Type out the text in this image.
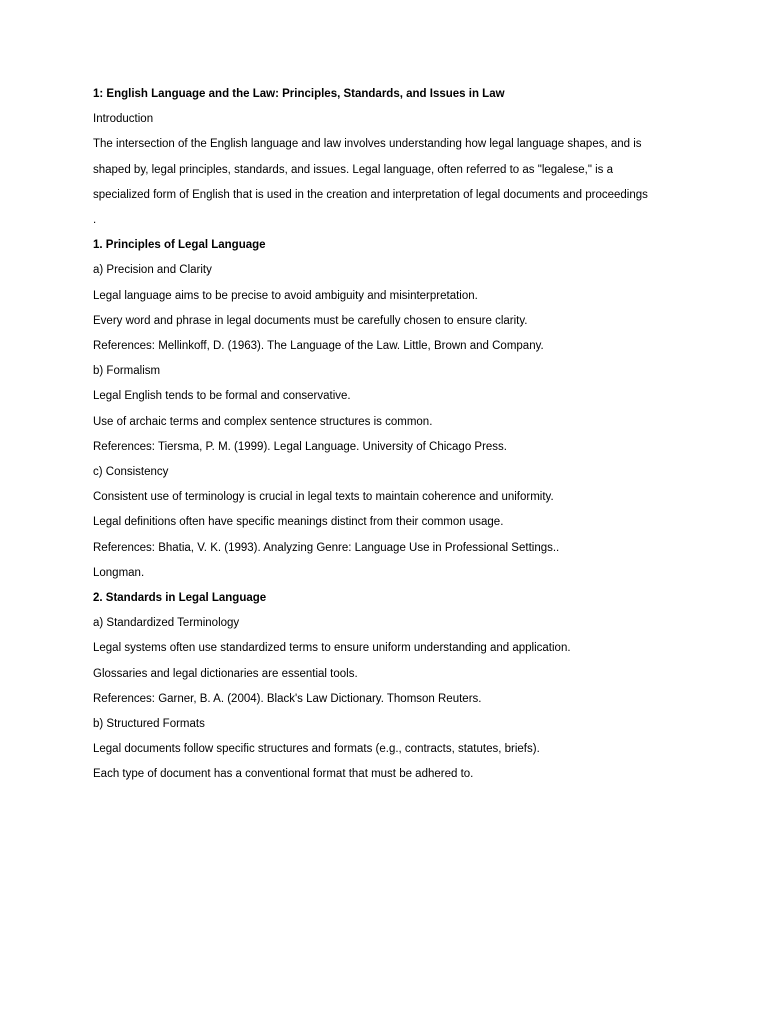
1: English Language and the Law: Principles, Standards, and Issues in Law

Introduction

The intersection of the English language and law involves understanding how legal language shapes, and is

shaped by, legal principles, standards, and issues. Legal language, often referred to as "legalese," is a

specialized form of English that is used in the creation and interpretation of legal documents and proceedings

.

1. Principles of Legal Language

a) Precision and Clarity

Legal language aims to be precise to avoid ambiguity and misinterpretation.

Every word and phrase in legal documents must be carefully chosen to ensure clarity.

References: Mellinkoff, D. (1963). The Language of the Law. Little, Brown and Company.

b) Formalism

Legal English tends to be formal and conservative.

Use of archaic terms and complex sentence structures is common.

References: Tiersma, P. M. (1999). Legal Language. University of Chicago Press.

c) Consistency

Consistent use of terminology is crucial in legal texts to maintain coherence and uniformity.

Legal definitions often have specific meanings distinct from their common usage.

References: Bhatia, V. K. (1993). Analyzing Genre: Language Use in Professional Settings..

Longman.

2. Standards in Legal Language

a) Standardized Terminology

Legal systems often use standardized terms to ensure uniform understanding and application.

Glossaries and legal dictionaries are essential tools.

References: Garner, B. A. (2004). Black's Law Dictionary. Thomson Reuters.

b) Structured Formats

Legal documents follow specific structures and formats (e.g., contracts, statutes, briefs).

Each type of document has a conventional format that must be adhered to.
